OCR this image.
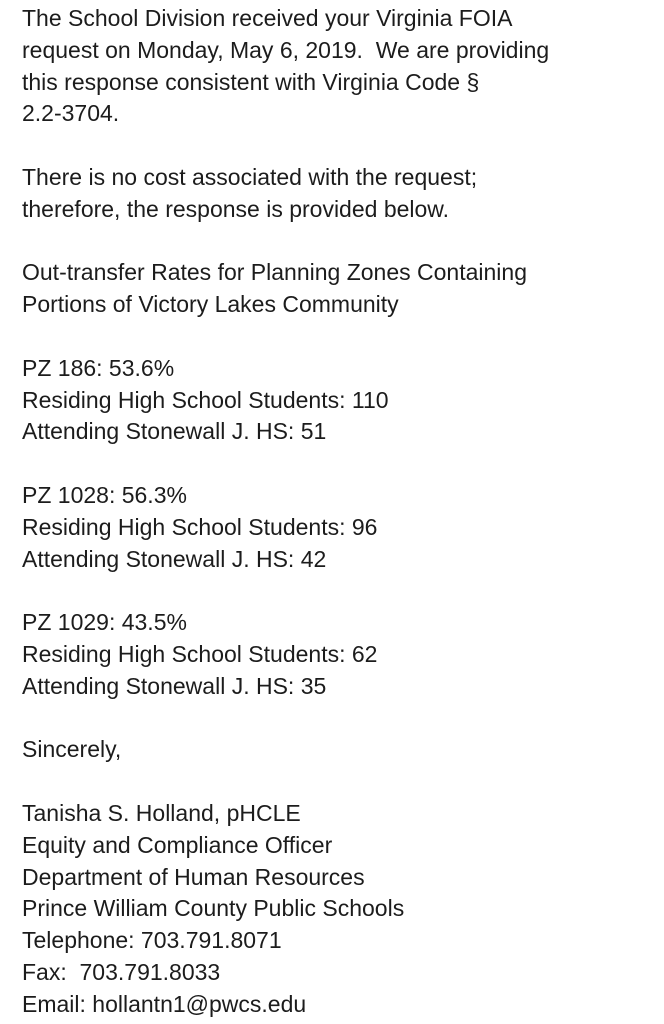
The School Division received your Virginia FOIA
request on Monday, May 6, 2019.  We are providing
this response consistent with Virginia Code §
2.2-3704.
There is no cost associated with the request;
therefore, the response is provided below.
Out-transfer Rates for Planning Zones Containing
Portions of Victory Lakes Community
PZ 186: 53.6%
Residing High School Students: 110
Attending Stonewall J. HS: 51
PZ 1028: 56.3%
Residing High School Students: 96
Attending Stonewall J. HS: 42
PZ 1029: 43.5%
Residing High School Students: 62
Attending Stonewall J. HS: 35
Sincerely,
Tanisha S. Holland, pHCLE
Equity and Compliance Officer
Department of Human Resources
Prince William County Public Schools
Telephone: 703.791.8071
Fax:  703.791.8033
Email: hollantn1@pwcs.edu
